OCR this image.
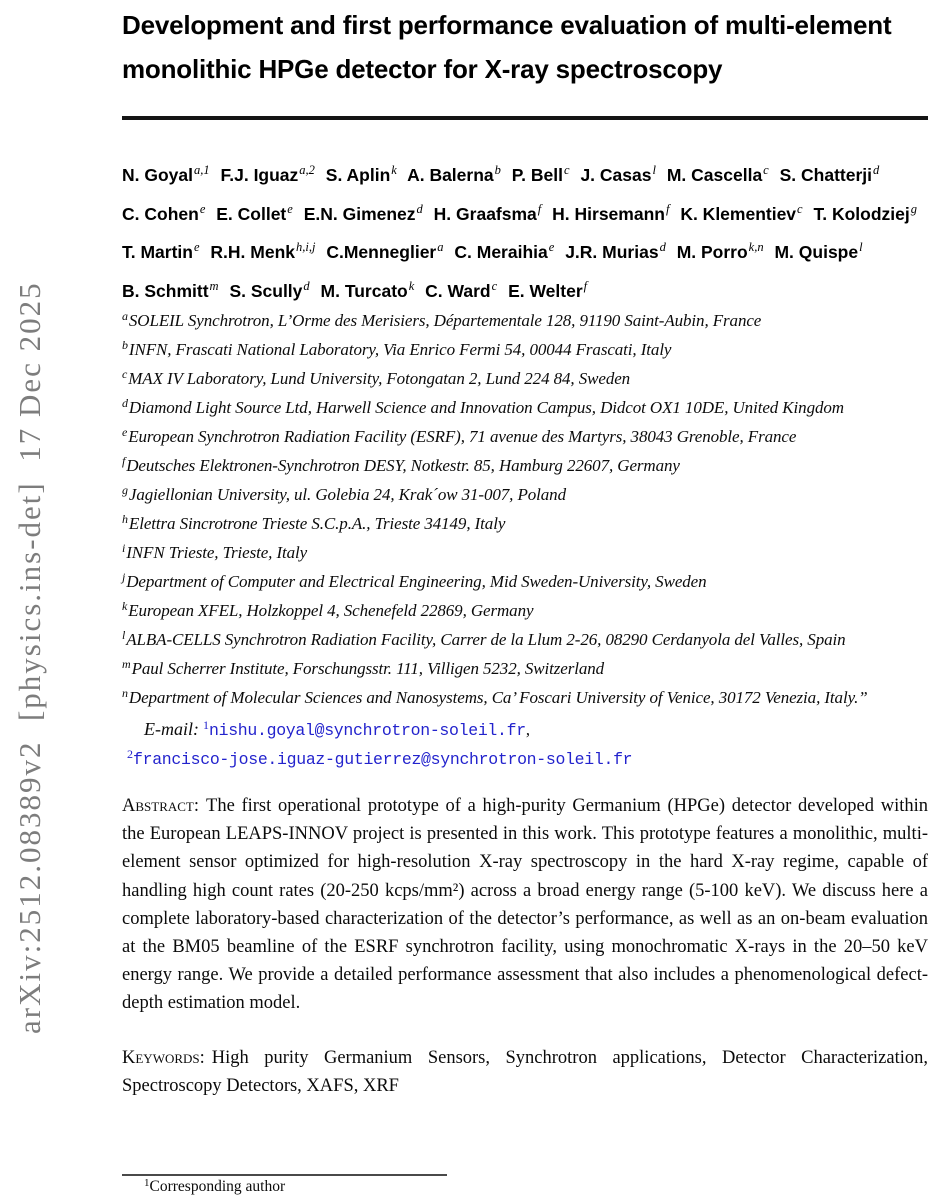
arXiv:2512.08389v2  [physics.ins-det]  17 Dec 2025
Development and first performance evaluation of multi-element monolithic HPGe detector for X-ray spectroscopy
N. Goyal$^{a,1}$ F.J. Iguaz$^{a,2}$ S. Aplin$^k$ A. Balerna$^b$ P. Bell$^c$ J. Casas$^l$ M. Cascella$^c$ S. Chatterji$^d$ C. Cohen$^e$ E. Collet$^e$ E.N. Gimenez$^d$ H. Graafsma$^f$ H. Hirsemann$^f$ K. Klementiev$^c$ T. Kolodziej$^g$ T. Martin$^e$ R.H. Menk$^{h,i,j}$ C.Menneglier$^a$ C. Meraihia$^e$ J.R. Murias$^d$ M. Porro$^{k,n}$ M. Quispe$^l$ B. Schmitt$^m$ S. Scully$^d$ M. Turcato$^k$ C. Ward$^c$ E. Welter$^f$
$^a$SOLEIL Synchrotron, L’Orme des Merisiers, Départementale 128, 91190 Saint-Aubin, France
$^b$INFN, Frascati National Laboratory, Via Enrico Fermi 54, 00044 Frascati, Italy
$^c$MAX IV Laboratory, Lund University, Fotongatan 2, Lund 224 84, Sweden
$^d$Diamond Light Source Ltd, Harwell Science and Innovation Campus, Didcot OX1 10DE, United Kingdom
$^e$European Synchrotron Radiation Facility (ESRF), 71 avenue des Martyrs, 38043 Grenoble, France
$^f$Deutsches Elektronen-Synchrotron DESY, Notkestr. 85, Hamburg 22607, Germany
$^g$Jagiellonian University, ul. Golebia 24, Krak´ow 31-007, Poland
$^h$Elettra Sincrotrone Trieste S.C.p.A., Trieste 34149, Italy
$^i$INFN Trieste, Trieste, Italy
$^j$Department of Computer and Electrical Engineering, Mid Sweden-University, Sweden
$^k$European XFEL, Holzkoppel 4, Schenefeld 22869, Germany
$^l$ALBA-CELLS Synchrotron Radiation Facility, Carrer de la Llum 2-26, 08290 Cerdanyola del Valles, Spain
$^m$Paul Scherrer Institute, Forschungsstr. 111, Villigen 5232, Switzerland
$^n$Department of Molecular Sciences and Nanosystems, Ca’ Foscari University of Venice, 30172 Venezia, Italy.”
E-mail: $^1$nishu.goyal@synchrotron-soleil.fr,
$^2$francisco-jose.iguaz-gutierrez@synchrotron-soleil.fr

Abstract: The first operational prototype of a high-purity Germanium (HPGe) detector developed within the European LEAPS-INNOV project is presented in this work. This prototype features a monolithic, multi-element sensor optimized for high-resolution X-ray spectroscopy in the hard X-ray regime, capable of handling high count rates (20-250 kcps/mm²) across a broad energy range (5-100 keV). We discuss here a complete laboratory-based characterization of the detector’s performance, as well as an on-beam evaluation at the BM05 beamline of the ESRF synchrotron facility, using monochromatic X-rays in the 20–50 keV energy range. We provide a detailed performance assessment that also includes a phenomenological defect-depth estimation model.

Keywords: High purity Germanium Sensors, Synchrotron applications, Detector Characterization, Spectroscopy Detectors, XAFS, XRF

$^1$Corresponding author
